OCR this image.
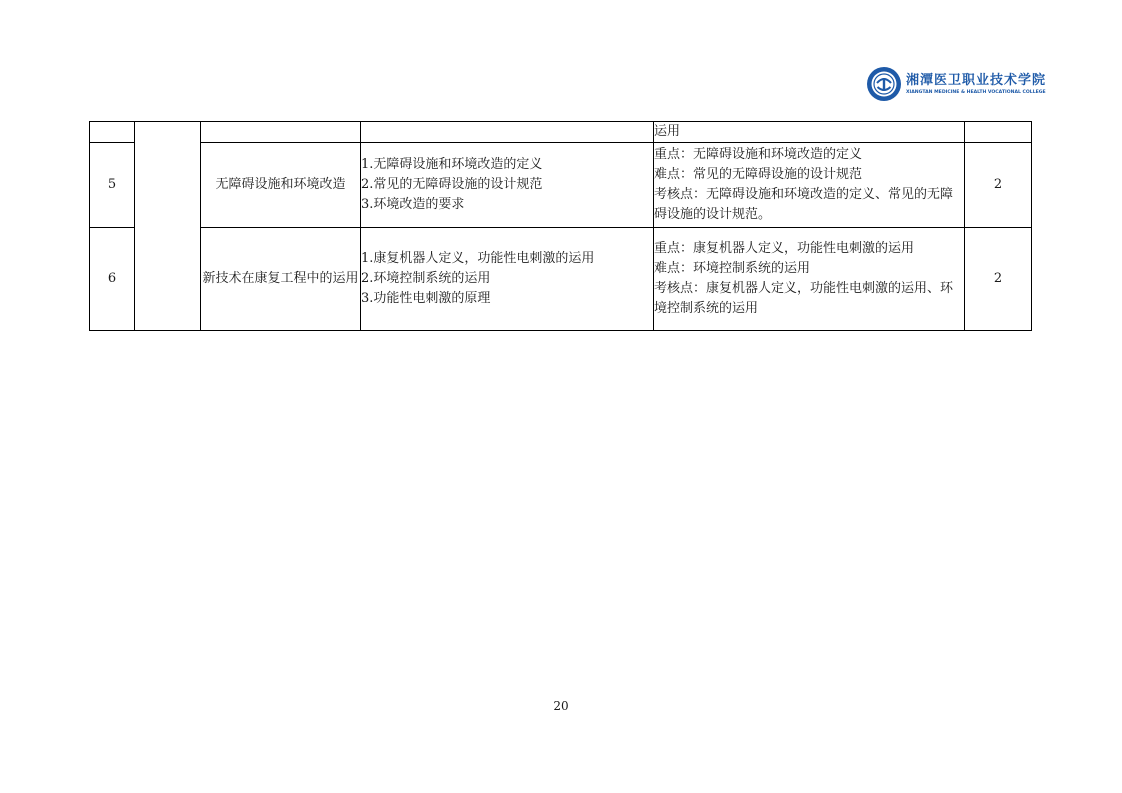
湘潭医卫职业技术学院
XIANGTAN MEDICINE & HEALTH VOCATIONAL COLLEGE
				运用	
5		无障碍设施和环境改造	1.无障碍设施和环境改造的定义
2.常见的无障碍设施的设计规范
3.环境改造的要求	重点：无障碍设施和环境改造的定义
难点：常见的无障碍设施的设计规范
考核点：无障碍设施和环境改造的定义、常见的无障碍设施的设计规范。	2
6		新技术在康复工程中的运用	1.康复机器人定义，功能性电刺激的运用
2.环境控制系统的运用
3.功能性电刺激的原理	重点：康复机器人定义，功能性电刺激的运用
难点：环境控制系统的运用
考核点：康复机器人定义，功能性电刺激的运用、环境控制系统的运用	2
20
